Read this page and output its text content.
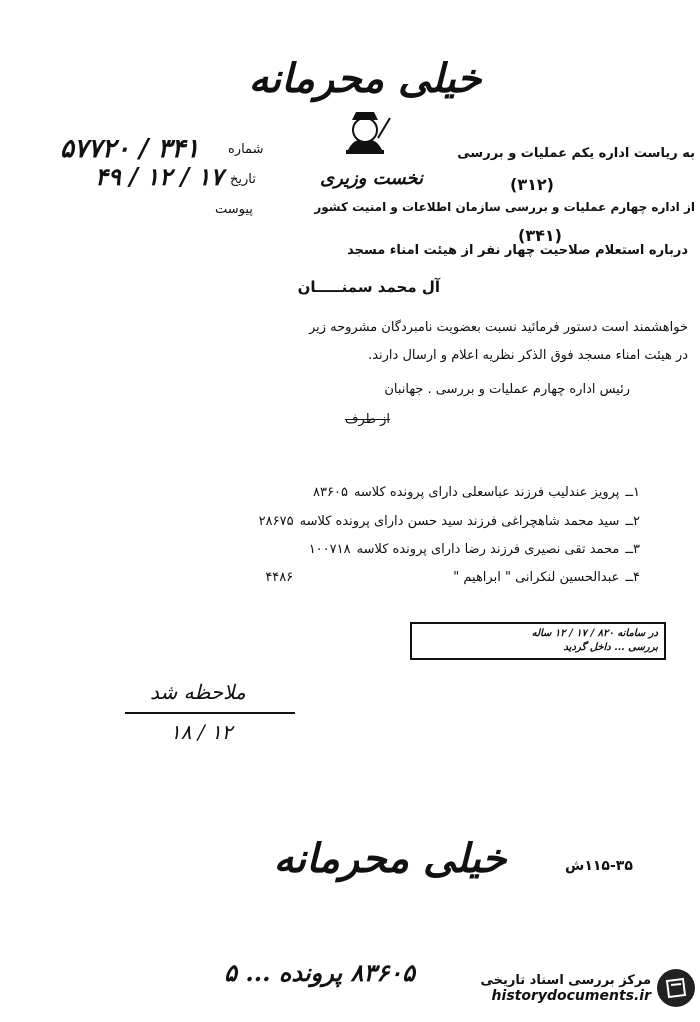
خیلی محرمانه
شماره
۳۴۱ / ۵۷۷۲۰
تاریخ
۱۷ / ۱۲ / ۴۹
پیوست
به ریاست اداره یکم عملیات و بررسی
(۳۱۲)
نخست وزیری
از اداره چهارم عملیات و بررسی سازمان اطلاعات و امنیت کشور
(۳۴۱)
درباره استعلام صلاحیت چهار نفر از هیئت امناء مسجد
آل محمد سمنـــــان
خواهشمند است دستور فرمائید نسبت بعضویت نامبردگان مشروحه زیر
در هیئت امناء مسجد فوق الذکر نظریه اعلام و ارسال دارند.
رئیس اداره چهارم عملیات و بررسی . جهانبان
از طرف
۱ــ
پرویز عندلیب فرزند عباسعلی دارای پرونده کلاسه
۸۳۶۰۵
۲ــ
سید محمد شاهچراغی فرزند سید حسن دارای پرونده کلاسه
۲۸۶۷۵
۳ــ
محمد تقی نصیری فرزند رضا دارای پرونده کلاسه
۱۰۰۷۱۸
۴ــ
عبدالحسین لنکرانی " ابراهیم "
۴۴۸۶
در سامانه ۸۲۰ / ۱۷ / ۱۲ ساله
بررسی ... داخل گردید
ملاحظه شد
۱۲ / ۱۸
خیلی محرمانه	۱۱۵-۳۵ش
۸۳۶۰۵ پرونده ... ۵	مرکز بررسی اسناد تاریخی
historydocuments.ir
